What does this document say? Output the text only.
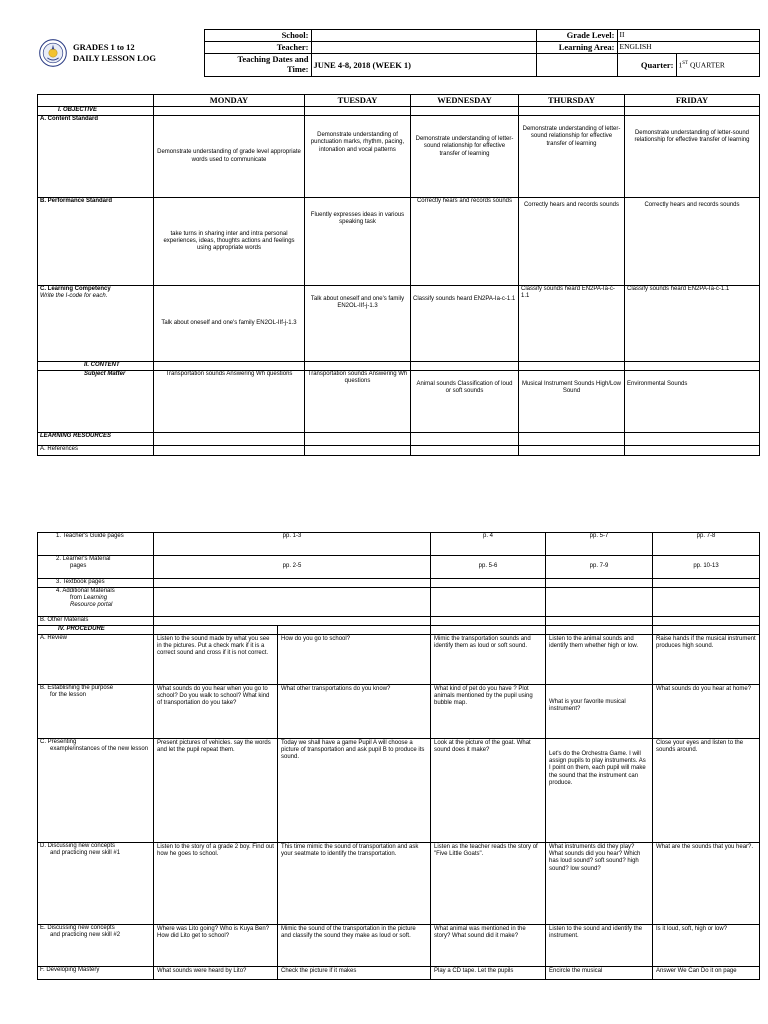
GRADES 1 to 12
DAILY LESSON LOG	School:		Grade Level:	II	
	Teacher:		Learning Area:	ENGLISH	

	Teaching Dates and
Time:	JUNE 4-8, 2018 (WEEK 1)		Quarter:	1ST QUARTER

	MONDAY	TUESDAY	WEDNESDAY	THURSDAY	FRIDAY
I. OBJECTIVE					
A. Content Standard	Demonstrate understanding of grade level appropriate words used to communicate	Demonstrate understanding of punctuation marks, rhythm, pacing, intonation and vocal patterns	Demonstrate understanding of letter-sound relationship for effective transfer of learning	Demonstrate understanding of letter-sound relationship for effective transfer of learning	Demonstrate understanding of letter-sound relationship for effective transfer of learning
B. Performance Standard	take turns in sharing inter and intra personal experiences, ideas, thoughts actions and feelings using appropriate words	Fluently expresses ideas in various speaking task	Correctly hears and records sounds	Correctly hears and records sounds	Correctly hears and records sounds

C. Learning Competency
Write the I-code for each.	Talk about oneself and one's family EN2OL-IIf-j-1.3	Talk about oneself and one's family EN2OL-IIf-j-1.3	Classify sounds heard EN2PA-Ia-c-1.1	Classify sounds heard EN2PA-Ia-c-1.1	Classify sounds heard EN2PA-Ia-c-1.1
II. CONTENT					
Subject Matter	Transportation sounds Answering Wh questions	Transportation sounds Answering Wh questions	Animal sounds Classification of loud or soft sounds	Musical Instrument Sounds High/Low Sound	Environmental Sounds
LEARNING RESOURCES					
A. References					
1. Teacher's Guide pages	pp. 1-3		p. 4	pp. 5-7	pp. 7-8	

2. Learner's Material
pages	pp. 2-5		pp. 5-6	pp. 7-9	pp. 10-13	
3. Textbook pages						

4. Additional Materials
from Learning
Resource portal						

B. Other Materials						
IV. PROCEDURE						

A. Review	Listen to the sound made by what you see in the pictures. Put a check mark if it is a correct sound and cross if it is not correct.	How do you go to school?	Mimic the transportation sounds and identify them as loud or soft sound.	Listen to the animal sounds and identify them whether high or low.	Raise hands if the musical instrument produces high sound.	

B. Establishing the purpose
for the lesson	What sounds do you hear when you go to school? Do you walk to school? What kind of transportation do you take?	What other transportations do you know?	What kind of pet do you have ? Plot animals mentioned by the pupil using bubble map.	What is your favorite musical instrument?	What sounds do you hear at home?	

C. Presenting
example/instances of the new lesson	Present pictures of vehicles. say the words and let the pupil repeat them.	Today we shall have a game Pupil A will choose a picture of transportation and ask pupil B to produce its sound.	Look at the picture of the goat. What sound does it make?	Let's do the Orchestra Game. I will assign pupils to play instruments. As I point on them, each pupil will make the sound that the instrument can produce.	Close your eyes and listen to the sounds around.	

D. Discussing new concepts
and practicing new skill #1	Listen to the story of a grade 2 boy. Find out how he goes to school.	This time mimic the sound of transportation and ask your seatmate to identify the transportation.	Listen as the teacher reads the story of "Five Little Goats".	What instruments did they play? What sounds did you hear? Which has loud sound? soft sound? high sound? low sound?	What are the sounds that you hear?.	

E. Discussing new concepts
and practicing new skill #2	Where was Lito going? Who is Kuya Ben? How did Lito get to school?	Mimic the sound of the transportation in the picture and classify the sound they make as loud or soft.	What animal was mentioned in the story? What sound did it make?	Listen to the sound and identify the instrument.	Is it loud, soft, high or low?	

F. Developing Mastery	What sounds were heard by Lito?	Check the picture if it makes	Play a CD tape. Let the pupils	Encircle the musical	Answer We Can Do it on page	
